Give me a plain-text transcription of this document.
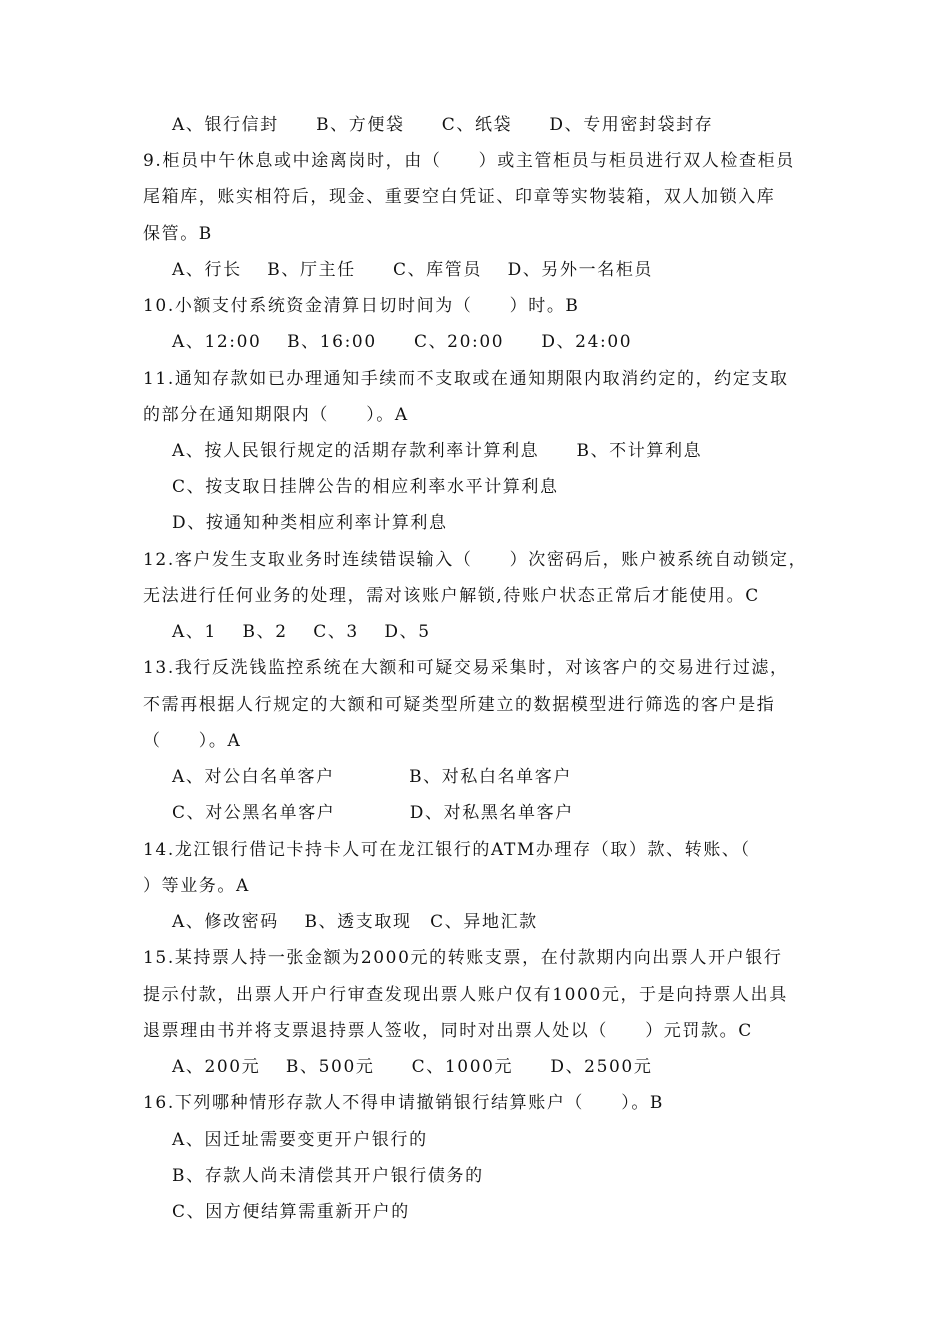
A、银行信封　　B、方便袋　　C、纸袋　　D、专用密封袋封存
9.柜员中午休息或中途离岗时，由（　　）或主管柜员与柜员进行双人检查柜员
尾箱库，账实相符后，现金、重要空白凭证、印章等实物装箱，双人加锁入库
保管。B
A、行长　 B、厅主任　　C、库管员　 D、另外一名柜员
10.小额支付系统资金清算日切时间为（　　）时。B
A、12:00　 B、16:00　　C、20:00　　D、24:00
11.通知存款如已办理通知手续而不支取或在通知期限内取消约定的，约定支取
的部分在通知期限内（　　）。A
A、按人民银行规定的活期存款利率计算利息　　B、不计算利息
C、按支取日挂牌公告的相应利率水平计算利息
D、按通知种类相应利率计算利息
12.客户发生支取业务时连续错误输入（　　）次密码后，账户被系统自动锁定，
无法进行任何业务的处理，需对该账户解锁,待账户状态正常后才能使用。C
A、1　 B、2　 C、3　 D、5
13.我行反洗钱监控系统在大额和可疑交易采集时，对该客户的交易进行过滤，
不需再根据人行规定的大额和可疑类型所建立的数据模型进行筛选的客户是指
（　　）。A
A、对公白名单客户　　　　B、对私白名单客户
C、对公黑名单客户　　　　D、对私黑名单客户
14.龙江银行借记卡持卡人可在龙江银行的ATM办理存（取）款、转账、（
）等业务。A
A、修改密码　 B、透支取现　C、异地汇款
15.某持票人持一张金额为2000元的转账支票，在付款期内向出票人开户银行
提示付款，出票人开户行审查发现出票人账户仅有1000元，于是向持票人出具
退票理由书并将支票退持票人签收，同时对出票人处以（　　）元罚款。C
A、200元　 B、500元　　C、1000元　　D、2500元
16.下列哪种情形存款人不得申请撤销银行结算账户（　　）。B
A、因迁址需要变更开户银行的
B、存款人尚未清偿其开户银行债务的
C、因方便结算需重新开户的
